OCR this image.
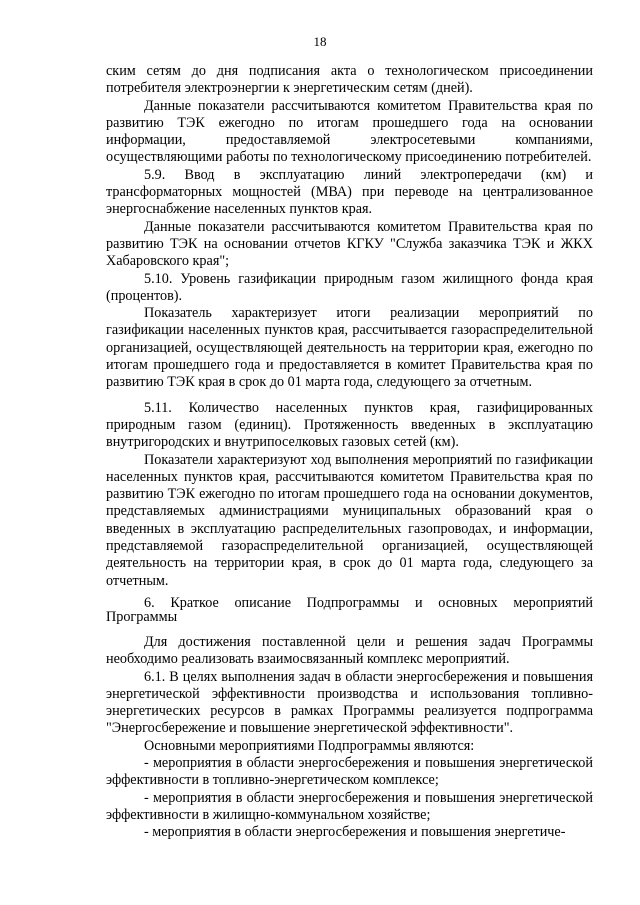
18

ским сетям до дня подписания акта о технологическом присоединении потребителя электроэнергии к энергетическим сетям (дней).

Данные показатели рассчитываются комитетом Правительства края по развитию ТЭК ежегодно по итогам прошедшего года на основании информации, предоставляемой электросетевыми компаниями, осуществляющими работы по технологическому присоединению потребителей.

5.9. Ввод в эксплуатацию линий электропередачи (км) и трансформаторных мощностей (МВА) при переводе на централизованное энергоснабжение населенных пунктов края.

Данные показатели рассчитываются комитетом Правительства края по развитию ТЭК на основании отчетов КГКУ "Служба заказчика ТЭК и ЖКХ Хабаровского края";

5.10. Уровень газификации природным газом жилищного фонда края (процентов).

Показатель характеризует итоги реализации мероприятий по газификации населенных пунктов края, рассчитывается газораспределительной организацией, осуществляющей деятельность на территории края, ежегодно по итогам прошедшего года и предоставляется в комитет Правительства края по развитию ТЭК края в срок до 01 марта года, следующего за отчетным.

5.11. Количество населенных пунктов края, газифицированных природным газом (единиц). Протяженность введенных в эксплуатацию внутригородских и внутрипоселковых газовых сетей (км).

Показатели характеризуют ход выполнения мероприятий по газификации населенных пунктов края, рассчитываются комитетом Правительства края по развитию ТЭК ежегодно по итогам прошедшего года на основании документов, представляемых администрациями муниципальных образований края о введенных в эксплуатацию распределительных газопроводах, и информации, представляемой газораспределительной организацией, осуществляющей деятельность на территории края, в срок до 01 марта года, следующего за отчетным.

6. Краткое описание Подпрограммы и основных мероприятий Программы

Для достижения поставленной цели и решения задач Программы необходимо реализовать взаимосвязанный комплекс мероприятий.

6.1. В целях выполнения задач в области энергосбережения и повышения энергетической эффективности производства и использования топливно-энергетических ресурсов в рамках Программы реализуется подпрограмма "Энергосбережение и повышение энергетической эффективности".

Основными мероприятиями Подпрограммы являются:

- мероприятия в области энергосбережения и повышения энергетической эффективности в топливно-энергетическом комплексе;

- мероприятия в области энергосбережения и повышения энергетической эффективности в жилищно-коммунальном хозяйстве;

- мероприятия в области энергосбережения и повышения энергетиче-
